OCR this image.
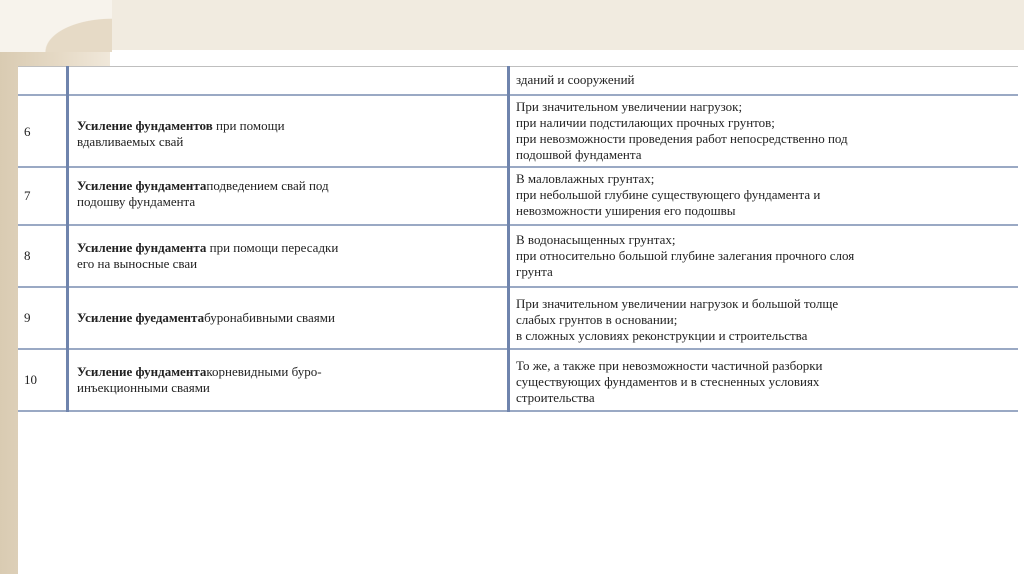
		зданий и сооружений

6	Усиление фундаментов при помощи
вдавливаемых свай	При значительном увеличении нагрузок;
при наличии подстилающих прочных грунтов;
при невозможности проведения работ непосредственно под
подошвой фундамента

7	Усиление фундаментаподведением свай под
подошву фундамента	В маловлажных грунтах;
при небольшой глубине существующего фундамента и
невозможности уширения его подошвы

8	Усиление фундамента при помощи пересадки
его на выносные сваи	В водонасыщенных грунтах;
при относительно большой глубине залегания прочного слоя
грунта

9	Усиление фуедаментабуронабивными сваями	При значительном увеличении нагрузок и большой толще
слабых грунтов в основании;
в сложных условиях реконструкции и строительства

10	Усиление фундаментакорневидными буро-
инъекционными сваями	То же, а также при невозможности частичной разборки
существующих фундаментов и в стесненных условиях
строительства
